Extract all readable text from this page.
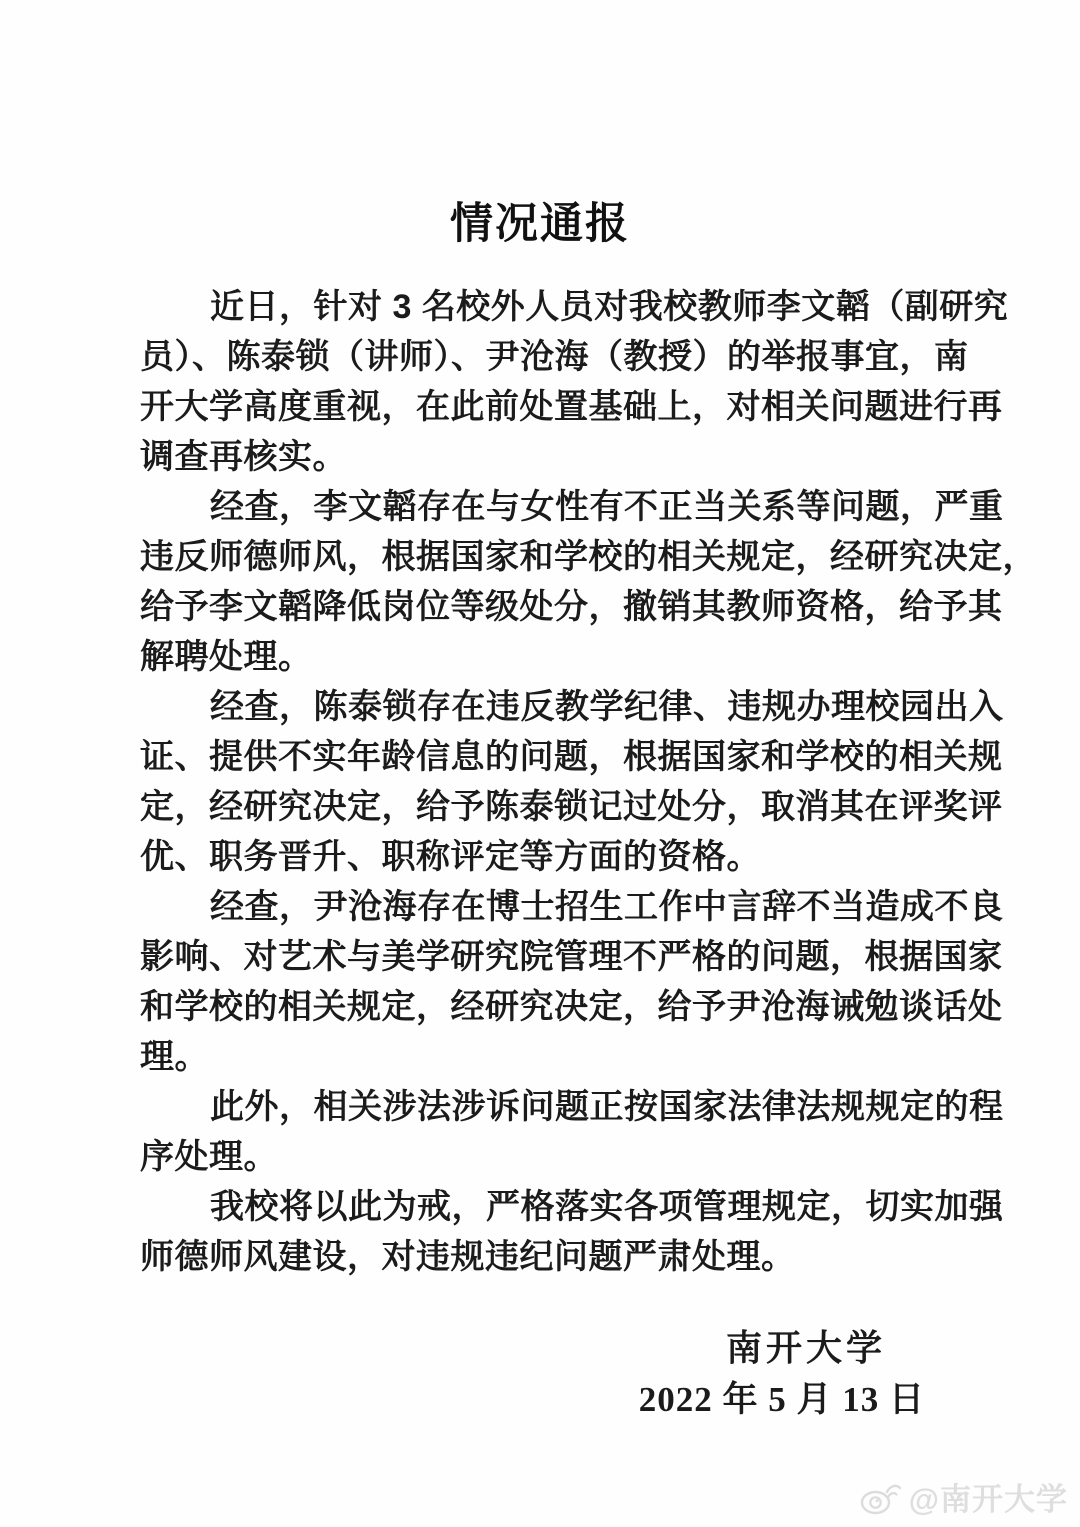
情况通报
近日，针对 3 名校外人员对我校教师李文韜（副研究
员）、陈泰锁（讲师）、尹沧海（教授）的举报事宜，南
开大学高度重视，在此前处置基础上，对相关问题进行再
调查再核实。
经查，李文韜存在与女性有不正当关系等问题，严重
违反师德师风，根据国家和学校的相关规定，经研究决定，
给予李文韜降低岗位等级处分，撤销其教师资格，给予其
解聘处理。
经查，陈泰锁存在违反教学纪律、违规办理校园出入
证、提供不实年龄信息的问题，根据国家和学校的相关规
定，经研究决定，给予陈泰锁记过处分，取消其在评奖评
优、职务晋升、职称评定等方面的资格。
经查，尹沧海存在博士招生工作中言辞不当造成不良
影响、对艺术与美学研究院管理不严格的问题，根据国家
和学校的相关规定，经研究决定，给予尹沧海诫勉谈话处
理。
此外，相关涉法涉诉问题正按国家法律法规规定的程
序处理。
我校将以此为戒，严格落实各项管理规定，切实加强
师德师风建设，对违规违纪问题严肃处理。
南开大学
2022 年 5 月 13 日
@南开大学
